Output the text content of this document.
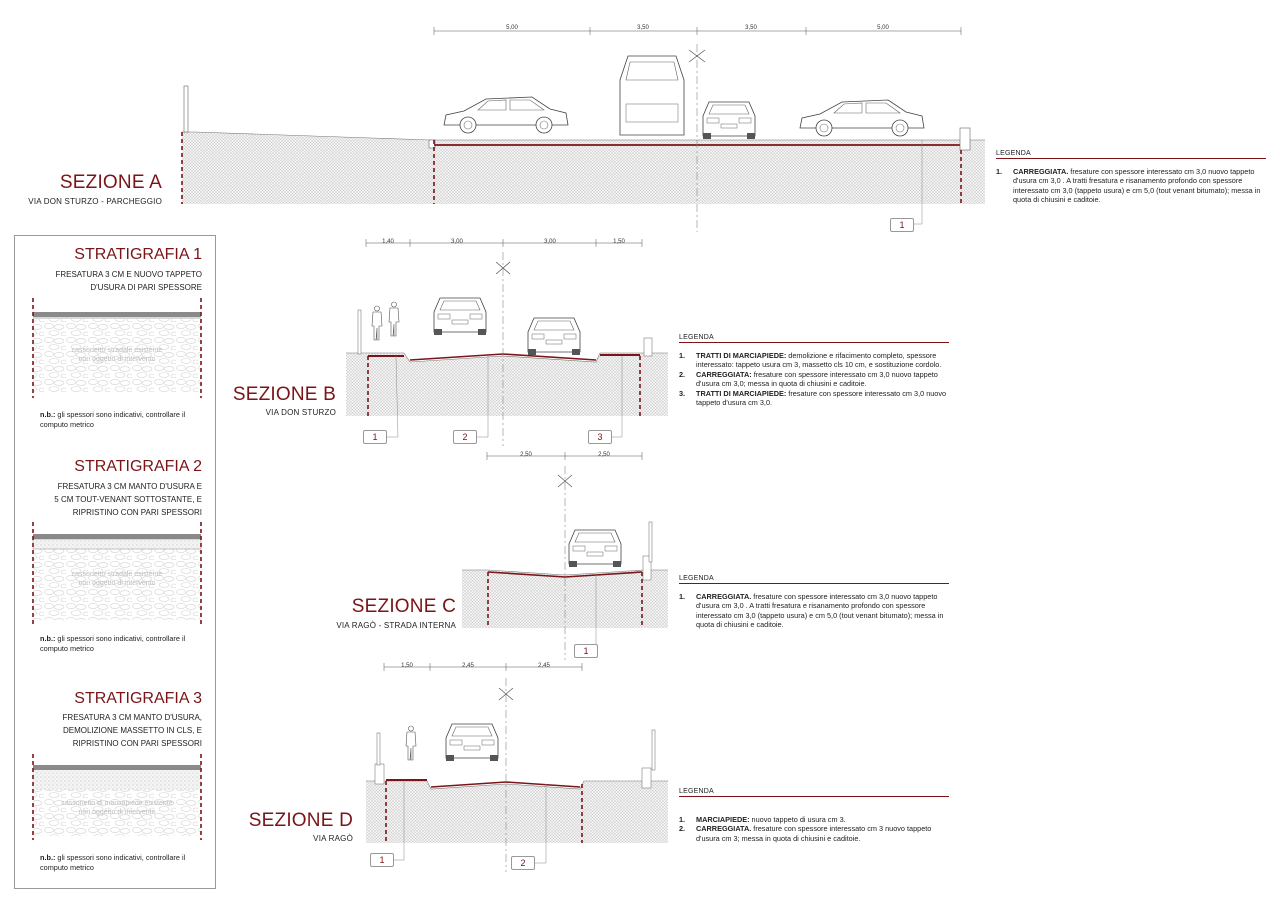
5,00	3,50	3,50	5,00
SEZIONE A
VIA DON STURZO - PARCHEGGIO
1
LEGENDA
1. CARREGGIATA. fresature con spessore interessato cm 3,0 nuovo tappeto d'usura cm 3,0 . A tratti fresatura e risanamento profondo con spessore interessato cm 3,0 (tappeto usura) e cm 5,0 (tout venant bitumato); messa in quota di chiusini e caditoie.
1,40	3,00	3,00	1,50
SEZIONE B
VIA DON STURZO
1	2	3
LEGENDA
1. TRATTI DI MARCIAPIEDE: demolizione e rifacimento completo, spessore interessato: tappeto usura cm 3, massetto cls 10 cm, e sostituzione cordolo.
2. CARREGGIATA: fresature con spessore interessato cm 3,0 nuovo tappeto d'usura cm 3,0; messa in quota di chiusini e caditoie.
3. TRATTI DI MARCIAPIEDE: fresature con spessore interessato cm 3,0 nuovo tappeto d'usura cm 3,0.
2,50	2,50
SEZIONE C
VIA RAGÒ - STRADA INTERNA
1
LEGENDA
1. CARREGGIATA. fresature con spessore interessato cm 3,0 nuovo tappeto d'usura cm 3,0 . A tratti fresatura e risanamento profondo con spessore interessato cm 3,0 (tappeto usura) e cm 5,0 (tout venant bitumato); messa in quota di chiusini e caditoie.
1,50	2,45	2,45
SEZIONE D
VIA RAGÒ
1	2
LEGENDA
1. MARCIAPIEDE: nuovo tappeto di usura cm 3.
2. CARREGGIATA. fresature con spessore interessato cm 3 nuovo tappeto d'usura cm 3; messa in quota di chiusini e caditoie.
STRATIGRAFIA 1
FRESATURA 3 CM E NUOVO TAPPETO
D'USURA DI PARI SPESSORE
cassonetto stradale esistente
non oggetto di intervento
n.b.: gli spessori sono indicativi, controllare il computo metrico
STRATIGRAFIA 2
FRESATURA 3 CM MANTO D'USURA E
5 CM TOUT-VENANT SOTTOSTANTE, E
RIPRISTINO CON PARI SPESSORI
cassonetto stradale esistente
non oggetto di intervento
n.b.: gli spessori sono indicativi, controllare il computo metrico
STRATIGRAFIA 3
FRESATURA 3 CM MANTO D'USURA,
DEMOLIZIONE MASSETTO IN CLS, E
RIPRISTINO CON PARI SPESSORI
cassonetto di marciapiede esistente
non oggetto di intervento
n.b.: gli spessori sono indicativi, controllare il computo metrico
